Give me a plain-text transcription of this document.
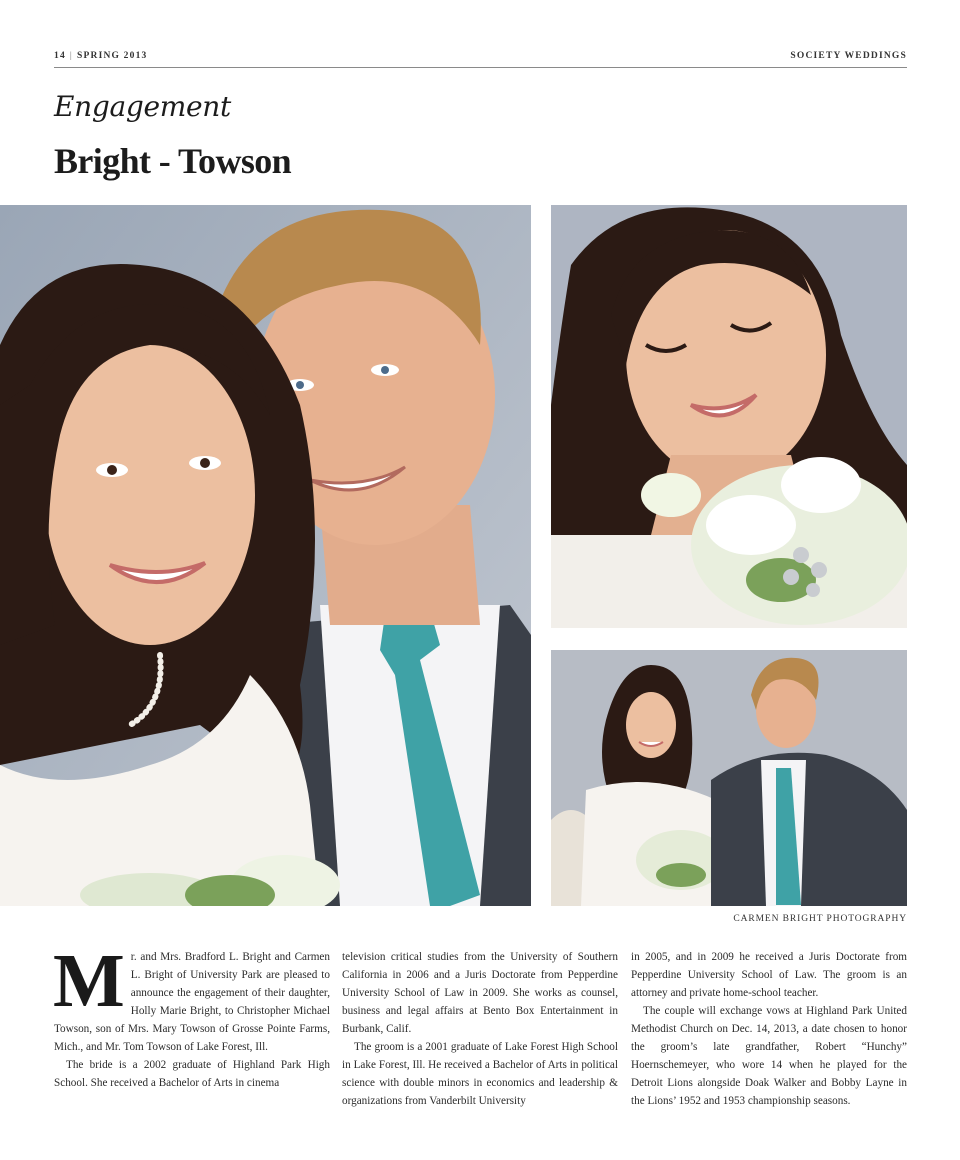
14 | SPRING 2013	SOCIETY WEDDINGS
Engagement
Bright - Towson
CARMEN BRIGHT PHOTOGRAPHY

Mr. and Mrs. Bradford L. Bright and Carmen L. Bright of University Park are pleased to announce the engagement of their daughter, Holly Marie Bright, to Christopher Michael Towson, son of Mrs. Mary Towson of Grosse Pointe Farms, Mich., and Mr. Tom Towson of Lake Forest, Ill.

The bride is a 2002 graduate of Highland Park High School. She received a Bachelor of Arts in cinema

television critical studies from the University of Southern California in 2006 and a Juris Doctorate from Pepperdine University School of Law in 2009. She works as counsel, business and legal affairs at Bento Box Entertainment in Burbank, Calif.

The groom is a 2001 graduate of Lake Forest High School in Lake Forest, Ill. He received a Bachelor of Arts in political science with double minors in economics and leadership & organizations from Vanderbilt University

in 2005, and in 2009 he received a Juris Doctorate from Pepperdine University School of Law. The groom is an attorney and private home-school teacher.

The couple will exchange vows at Highland Park United Methodist Church on Dec. 14, 2013, a date chosen to honor the groom’s late grandfather, Robert “Hunchy” Hoernschemeyer, who wore 14 when he played for the Detroit Lions alongside Doak Walker and Bobby Layne in the Lions’ 1952 and 1953 championship seasons.
